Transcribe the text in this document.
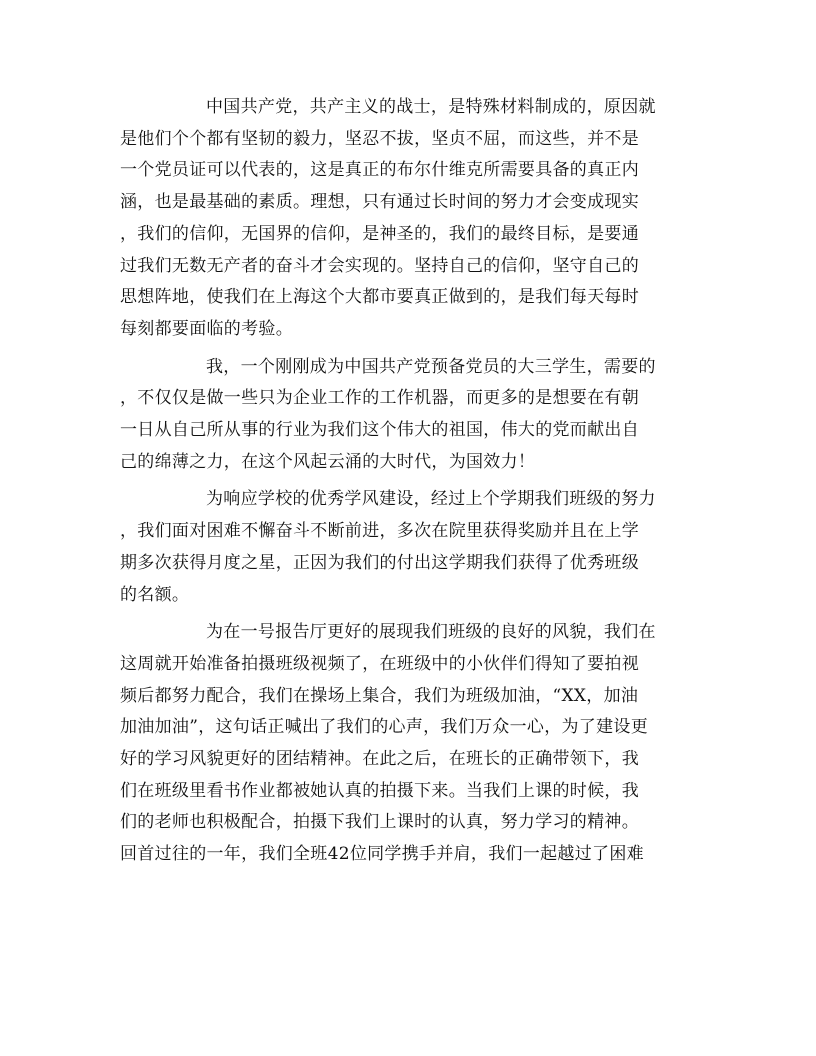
中国共产党，共产主义的战士，是特殊材料制成的，原因就
是他们个个都有坚韧的毅力，坚忍不拔，坚贞不屈，而这些，并不是
一个党员证可以代表的，这是真正的布尔什维克所需要具备的真正内
涵，也是最基础的素质。理想，只有通过长时间的努力才会变成现实
，我们的信仰，无国界的信仰，是神圣的，我们的最终目标，是要通
过我们无数无产者的奋斗才会实现的。坚持自己的信仰，坚守自己的
思想阵地，使我们在上海这个大都市要真正做到的，是我们每天每时
每刻都要面临的考验。

我，一个刚刚成为中国共产党预备党员的大三学生，需要的
，不仅仅是做一些只为企业工作的工作机器，而更多的是想要在有朝
一日从自己所从事的行业为我们这个伟大的祖国，伟大的党而献出自
己的绵薄之力，在这个风起云涌的大时代，为国效力！

为响应学校的优秀学风建设，经过上个学期我们班级的努力
，我们面对困难不懈奋斗不断前进，多次在院里获得奖励并且在上学
期多次获得月度之星，正因为我们的付出这学期我们获得了优秀班级
的名额。

为在一号报告厅更好的展现我们班级的良好的风貌，我们在
这周就开始准备拍摄班级视频了，在班级中的小伙伴们得知了要拍视
频后都努力配合，我们在操场上集合，我们为班级加油，“XX，加油
加油加油”，这句话正喊出了我们的心声，我们万众一心，为了建设更
好的学习风貌更好的团结精神。在此之后，在班长的正确带领下，我
们在班级里看书作业都被她认真的拍摄下来。当我们上课的时候，我
们的老师也积极配合，拍摄下我们上课时的认真，努力学习的精神。
回首过往的一年，我们全班42位同学携手并肩，我们一起越过了困难
